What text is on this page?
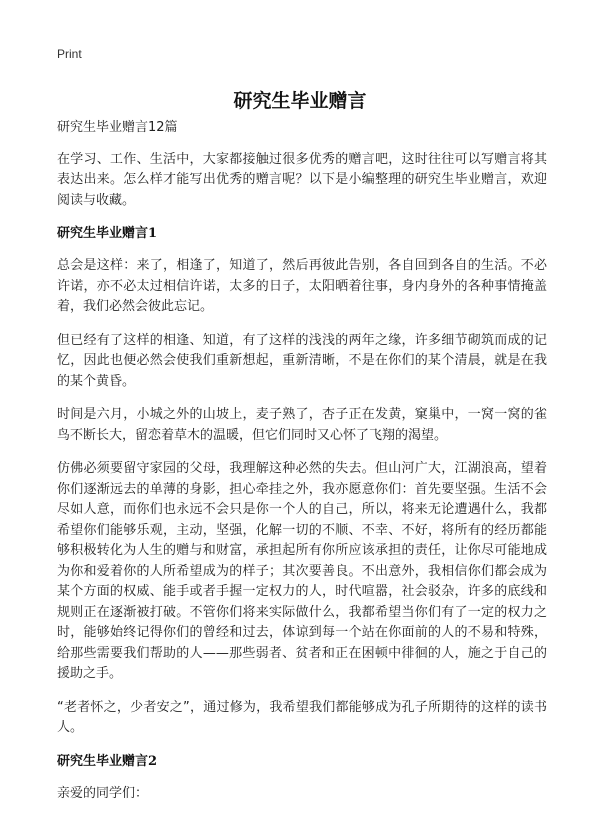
Print
研究生毕业赠言

研究生毕业赠言12篇

在学习、工作、生活中，大家都接触过很多优秀的赠言吧，这时往往可以写赠言将其表达出来。怎么样才能写出优秀的赠言呢？以下是小编整理的研究生毕业赠言，欢迎阅读与收藏。

研究生毕业赠言1

总会是这样：来了，相逢了，知道了，然后再彼此告别，各自回到各自的生活。不必许诺，亦不必太过相信许诺，太多的日子，太阳晒着往事，身内身外的各种事情掩盖着，我们必然会彼此忘记。

但已经有了这样的相逢、知道，有了这样的浅浅的两年之缘，许多细节砌筑而成的记忆，因此也便必然会使我们重新想起，重新清晰，不是在你们的某个清晨，就是在我的某个黄昏。

时间是六月，小城之外的山坡上，麦子熟了，杏子正在发黄，窠巢中，一窝一窝的雀鸟不断长大，留恋着草木的温暖，但它们同时又心怀了飞翔的渴望。

仿佛必须要留守家园的父母，我理解这种必然的失去。但山河广大，江湖浪高，望着你们逐渐远去的单薄的身影，担心牵挂之外，我亦愿意你们：首先要坚强。生活不会尽如人意，而你们也永远不会只是你一个人的自己，所以，将来无论遭遇什么，我都希望你们能够乐观，主动，坚强，化解一切的不顺、不幸、不好，将所有的经历都能够积极转化为人生的赠与和财富，承担起所有你所应该承担的责任，让你尽可能地成为你和爱着你的人所希望成为的样子；其次要善良。不出意外，我相信你们都会成为某个方面的权威、能手或者手握一定权力的人，时代喧嚣，社会驳杂，许多的底线和规则正在逐渐被打破。不管你们将来实际做什么，我都希望当你们有了一定的权力之时，能够始终记得你们的曾经和过去，体谅到每一个站在你面前的人的不易和特殊，给那些需要我们帮助的人——那些弱者、贫者和正在困顿中徘徊的人，施之于自己的援助之手。

“老者怀之，少者安之”，通过修为，我希望我们都能够成为孔子所期待的这样的读书人。

研究生毕业赠言2

亲爱的同学们：
